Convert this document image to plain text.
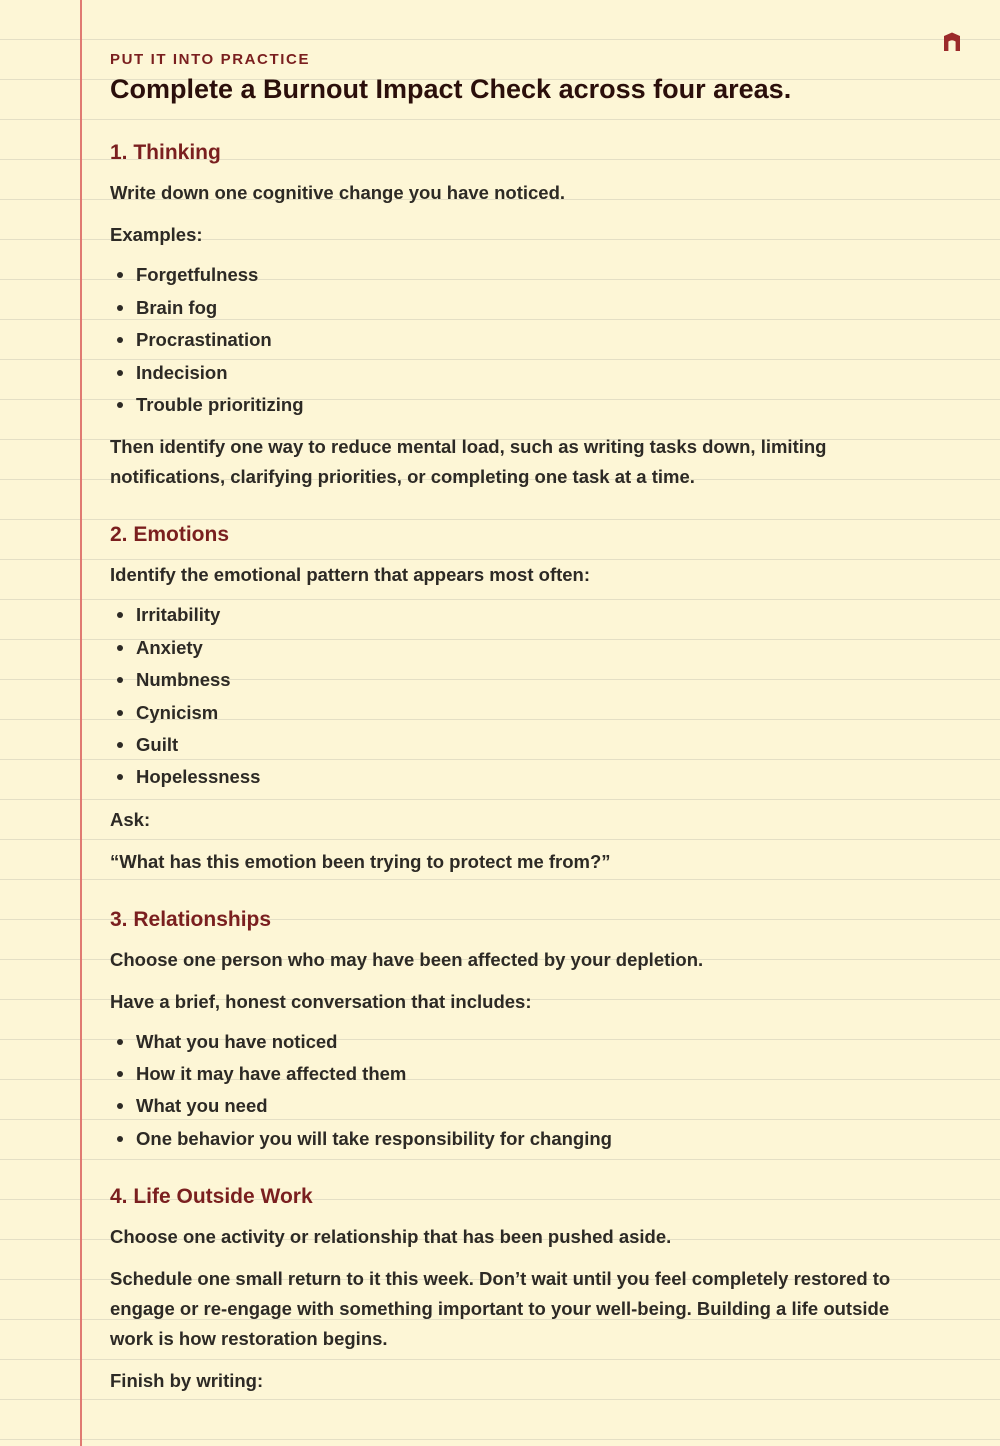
PUT IT INTO PRACTICE
Complete a Burnout Impact Check across four areas.
1. Thinking

Write down one cognitive change you have noticed.

Examples:

Forgetfulness
Brain fog
Procrastination
Indecision
Trouble prioritizing

Then identify one way to reduce mental load, such as writing tasks down, limiting notifications, clarifying priorities, or completing one task at a time.

2. Emotions

Identify the emotional pattern that appears most often:

Irritability
Anxiety
Numbness
Cynicism
Guilt
Hopelessness

Ask:

“What has this emotion been trying to protect me from?”

3. Relationships

Choose one person who may have been affected by your depletion.

Have a brief, honest conversation that includes:

What you have noticed
How it may have affected them
What you need
One behavior you will take responsibility for changing
4. Life Outside Work

Choose one activity or relationship that has been pushed aside.

Schedule one small return to it this week. Don’t wait until you feel completely restored to engage or re-engage with something important to your well-being. Building a life outside work is how restoration begins.

Finish by writing:
